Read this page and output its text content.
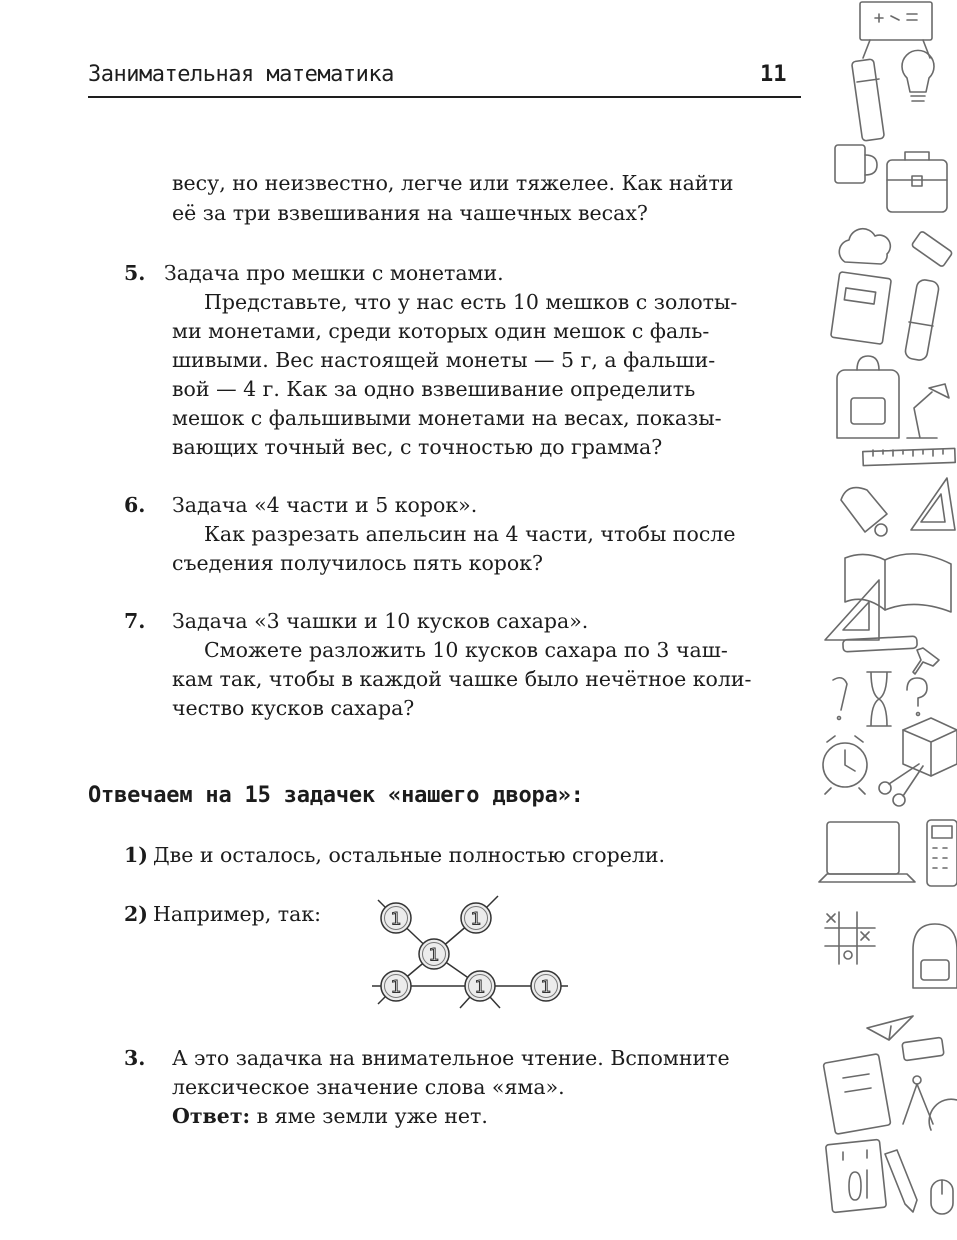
Занимательная математика	11
весу, но неизвестно, легче или тяжелее. Как найти
её за три взвешивания на чашечных весах?
5. Задача про мешки с монетами.
Представьте, что у нас есть 10 мешков с золоты-
ми монетами, среди которых один мешок с фаль-
шивыми. Вес настоящей монеты — 5 г, а фальши-
вой — 4 г. Как за одно взвешивание определить
мешок с фальшивыми монетами на весах, показы-
вающих точный вес, с точностью до грамма?
6. Задача «4 части и 5 корок».
Как разрезать апельсин на 4 части, чтобы после
съедения получилось пять корок?
7. Задача «3 чашки и 10 кусков сахара».
Сможете разложить 10 кусков сахара по 3 чаш-
кам так, чтобы в каждой чашке было нечётное коли-
чество кусков сахара?
Отвечаем на 15 задачек «нашего двора»:
1) Две и осталось, остальные полностью сгорели.
2) Например, так:	1	1
1
1	1	1
3. А это задачка на внимательное чтение. Вспомните
лексическое значение слова «яма».
Ответ: в яме земли уже нет.
